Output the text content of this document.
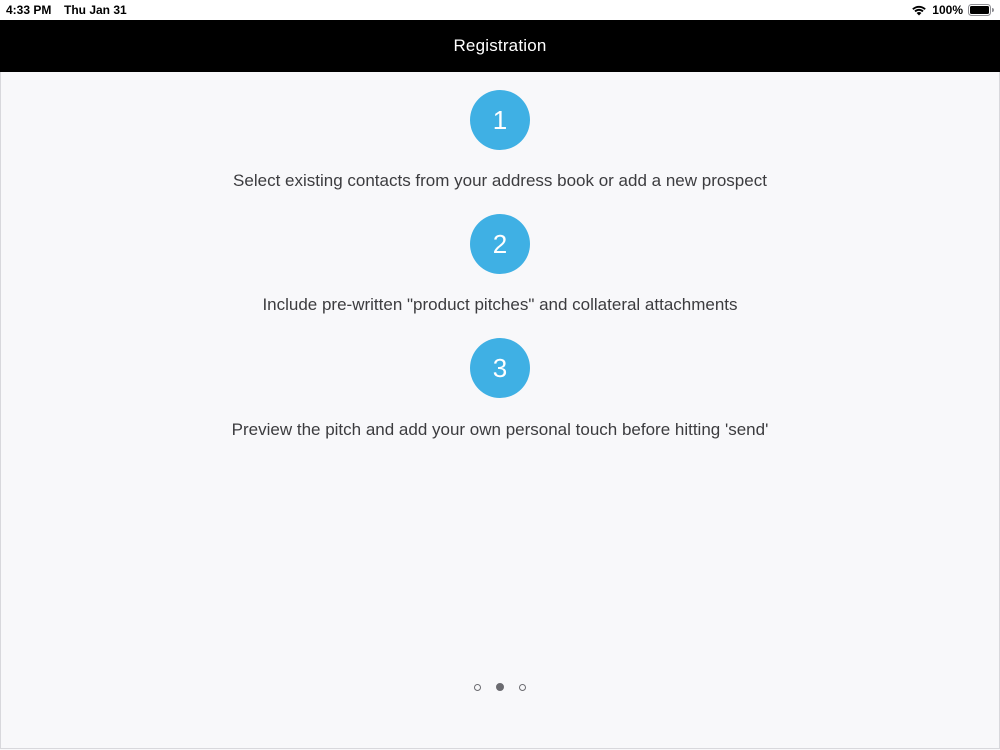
4:33 PM Thu Jan 31	100%
Registration
1
Select existing contacts from your address book or add a new prospect
2
Include pre-written "product pitches" and collateral attachments
3
Preview the pitch and add your own personal touch before hitting 'send'
